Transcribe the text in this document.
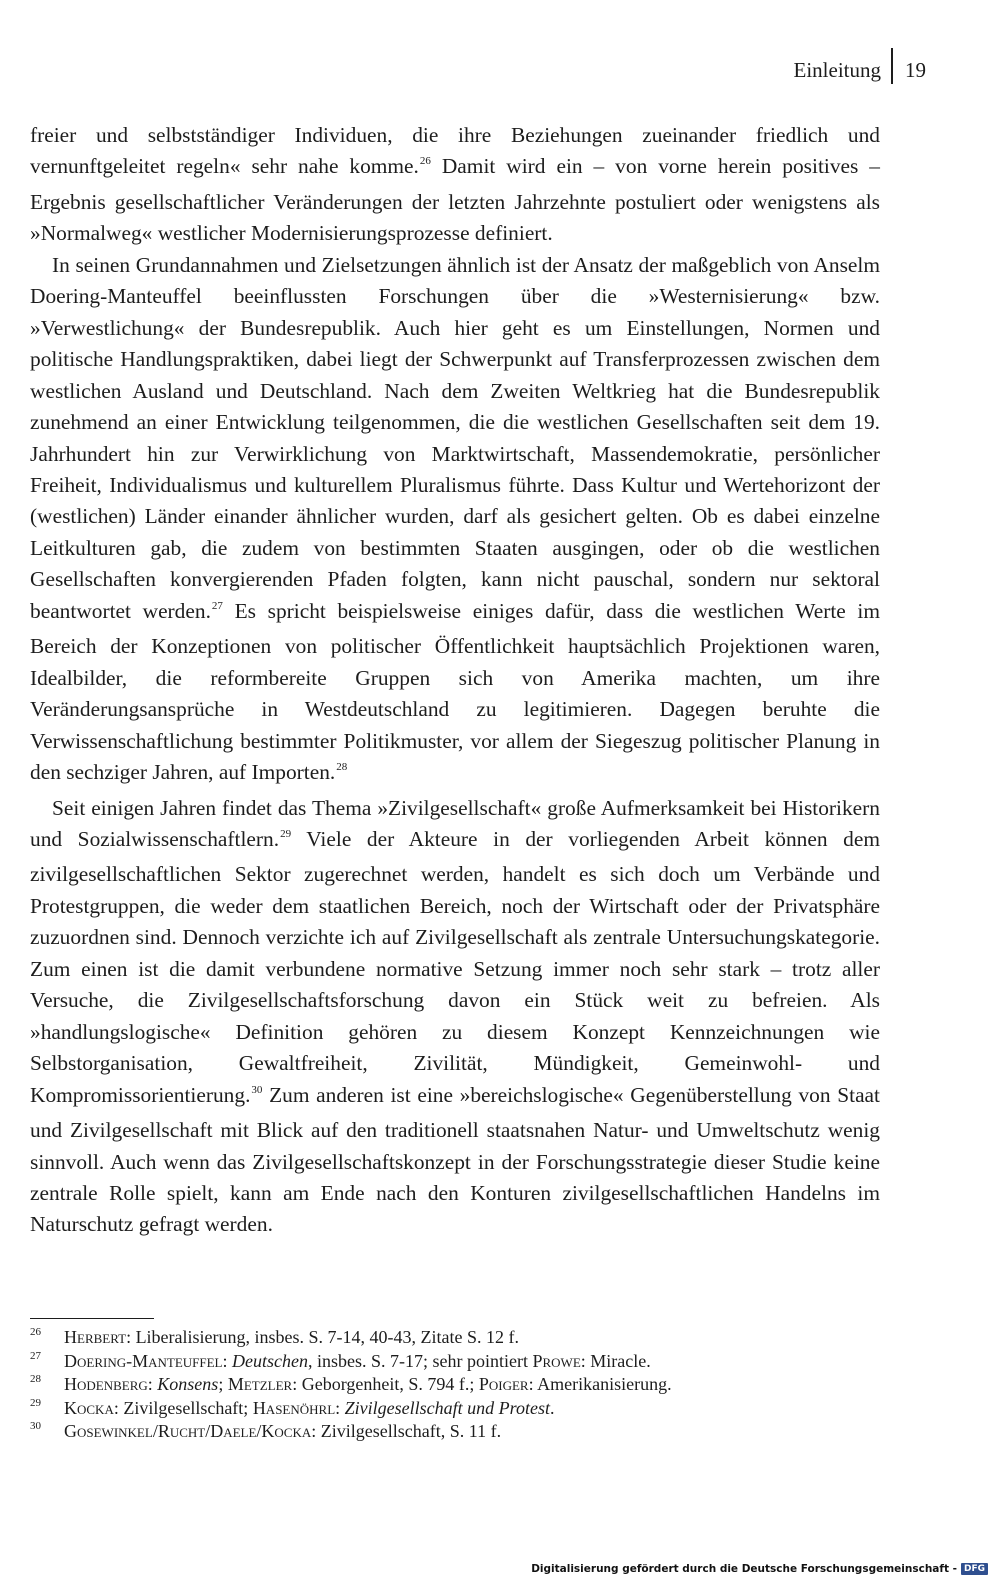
Einleitung	19

freier und selbstständiger Individuen, die ihre Beziehungen zueinander friedlich und vernunftgeleitet regeln« sehr nahe komme.$^{26}$ Damit wird ein – von vorne herein positives – Ergebnis gesellschaftlicher Veränderungen der letzten Jahrzehnte postuliert oder wenigstens als »Normalweg« westlicher Modernisierungsprozesse definiert.

In seinen Grundannahmen und Zielsetzungen ähnlich ist der Ansatz der maßgeblich von Anselm Doering-Manteuffel beeinflussten Forschungen über die »Westernisierung« bzw. »Verwestlichung« der Bundesrepublik. Auch hier geht es um Einstellungen, Normen und politische Handlungspraktiken, dabei liegt der Schwerpunkt auf Transferprozessen zwischen dem westlichen Ausland und Deutschland. Nach dem Zweiten Weltkrieg hat die Bundesrepublik zunehmend an einer Entwicklung teilgenommen, die die westlichen Gesellschaften seit dem 19. Jahrhundert hin zur Verwirklichung von Marktwirtschaft, Massendemokratie, persönlicher Freiheit, Individualismus und kulturellem Pluralismus führte. Dass Kultur und Wertehorizont der (westlichen) Länder einander ähnlicher wurden, darf als gesichert gelten. Ob es dabei einzelne Leitkulturen gab, die zudem von bestimmten Staaten ausgingen, oder ob die westlichen Gesellschaften konvergierenden Pfaden folgten, kann nicht pauschal, sondern nur sektoral beantwortet werden.$^{27}$ Es spricht beispielsweise einiges dafür, dass die westlichen Werte im Bereich der Konzeptionen von politischer Öffentlichkeit hauptsächlich Projektionen waren, Idealbilder, die reformbereite Gruppen sich von Amerika machten, um ihre Veränderungsansprüche in Westdeutschland zu legitimieren. Dagegen beruhte die Verwissenschaftlichung bestimmter Politikmuster, vor allem der Siegeszug politischer Planung in den sechziger Jahren, auf Importen.$^{28}$

Seit einigen Jahren findet das Thema »Zivilgesellschaft« große Aufmerksamkeit bei Historikern und Sozialwissenschaftlern.$^{29}$ Viele der Akteure in der vorliegenden Arbeit können dem zivilgesellschaftlichen Sektor zugerechnet werden, handelt es sich doch um Verbände und Protestgruppen, die weder dem staatlichen Bereich, noch der Wirtschaft oder der Privatsphäre zuzuordnen sind. Dennoch verzichte ich auf Zivilgesellschaft als zentrale Untersuchungskategorie. Zum einen ist die damit verbundene normative Setzung immer noch sehr stark – trotz aller Versuche, die Zivilgesellschaftsforschung davon ein Stück weit zu befreien. Als »handlungslogische« Definition gehören zu diesem Konzept Kennzeichnungen wie Selbstorganisation, Gewaltfreiheit, Zivilität, Mündigkeit, Gemeinwohl- und Kompromissorientierung.$^{30}$ Zum anderen ist eine »bereichslogische« Gegenüberstellung von Staat und Zivilgesellschaft mit Blick auf den traditionell staatsnahen Natur- und Umweltschutz wenig sinnvoll. Auch wenn das Zivilgesellschaftskonzept in der Forschungsstrategie dieser Studie keine zentrale Rolle spielt, kann am Ende nach den Konturen zivilgesellschaftlichen Handelns im Naturschutz gefragt werden.

26	Herbert: Liberalisierung, insbes. S. 7-14, 40-43, Zitate S. 12 f.
27	Doering-Manteuffel: Deutschen, insbes. S. 7-17; sehr pointiert Prowe: Miracle.
28	Hodenberg: Konsens; Metzler: Geborgenheit, S. 794 f.; Poiger: Amerikanisierung.
29	Kocka: Zivilgesellschaft; Hasenöhrl: Zivilgesellschaft und Protest.
30	Gosewinkel/Rucht/Daele/Kocka: Zivilgesellschaft, S. 11 f.
Digitalisierung gefördert durch die Deutsche Forschungsgemeinschaft - DFG
